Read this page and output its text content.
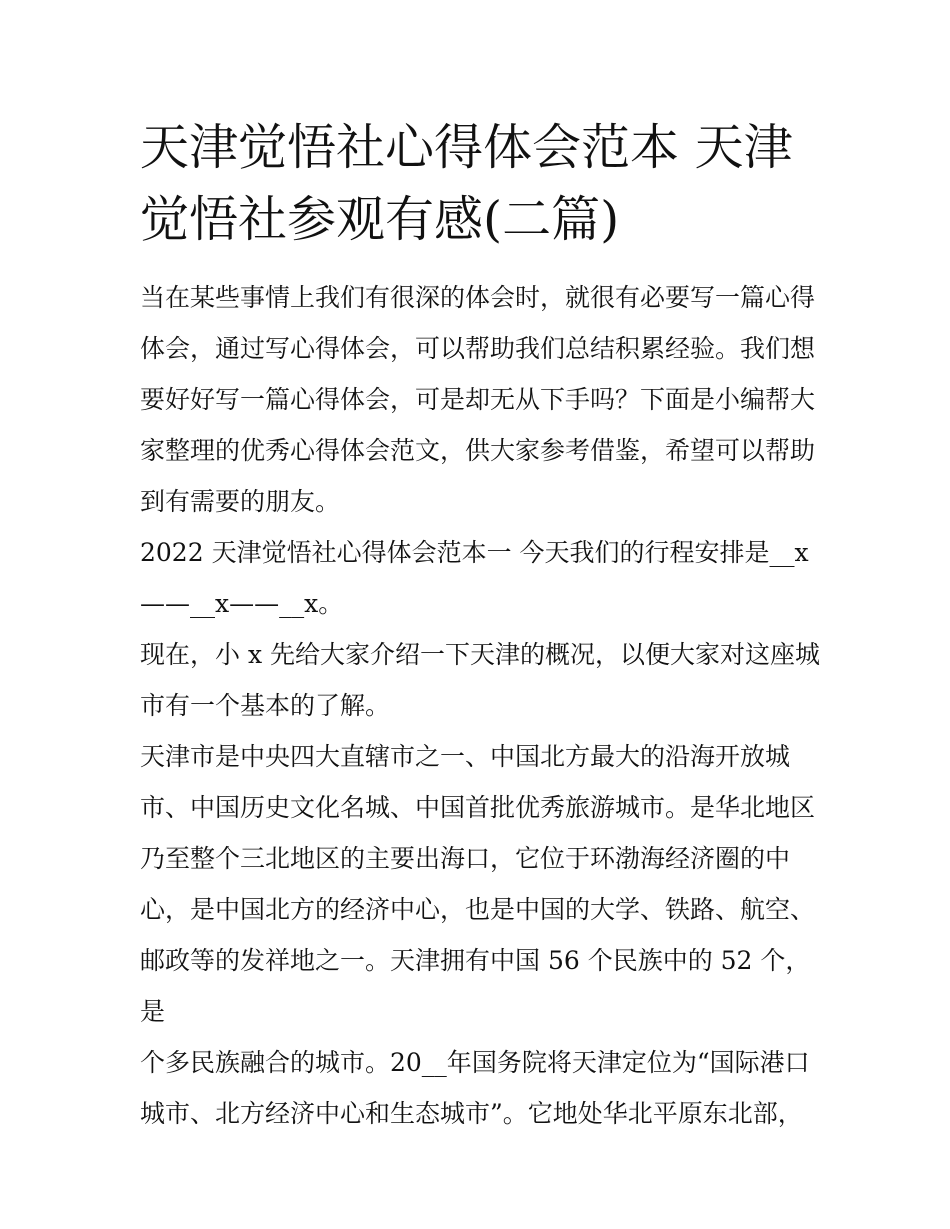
天津觉悟社心得体会范本 天津
觉悟社参观有感(二篇)

当在某些事情上我们有很深的体会时，就很有必要写一篇心得
体会，通过写心得体会，可以帮助我们总结积累经验。我们想
要好好写一篇心得体会，可是却无从下手吗？下面是小编帮大
家整理的优秀心得体会范文，供大家参考借鉴，希望可以帮助
到有需要的朋友。

2022 天津觉悟社心得体会范本一 今天我们的行程安排是__x
——__x——__x。

现在，小 x 先给大家介绍一下天津的概况，以便大家对这座城
市有一个基本的了解。

天津市是中央四大直辖市之一、中国北方最大的沿海开放城
市、中国历史文化名城、中国首批优秀旅游城市。是华北地区
乃至整个三北地区的主要出海口，它位于环渤海经济圈的中
心，是中国北方的经济中心，也是中国的大学、铁路、航空、
邮政等的发祥地之一。天津拥有中国 56 个民族中的 52 个，是
个多民族融合的城市。20__年国务院将天津定位为“国际港口
城市、北方经济中心和生态城市”。它地处华北平原东北部，
